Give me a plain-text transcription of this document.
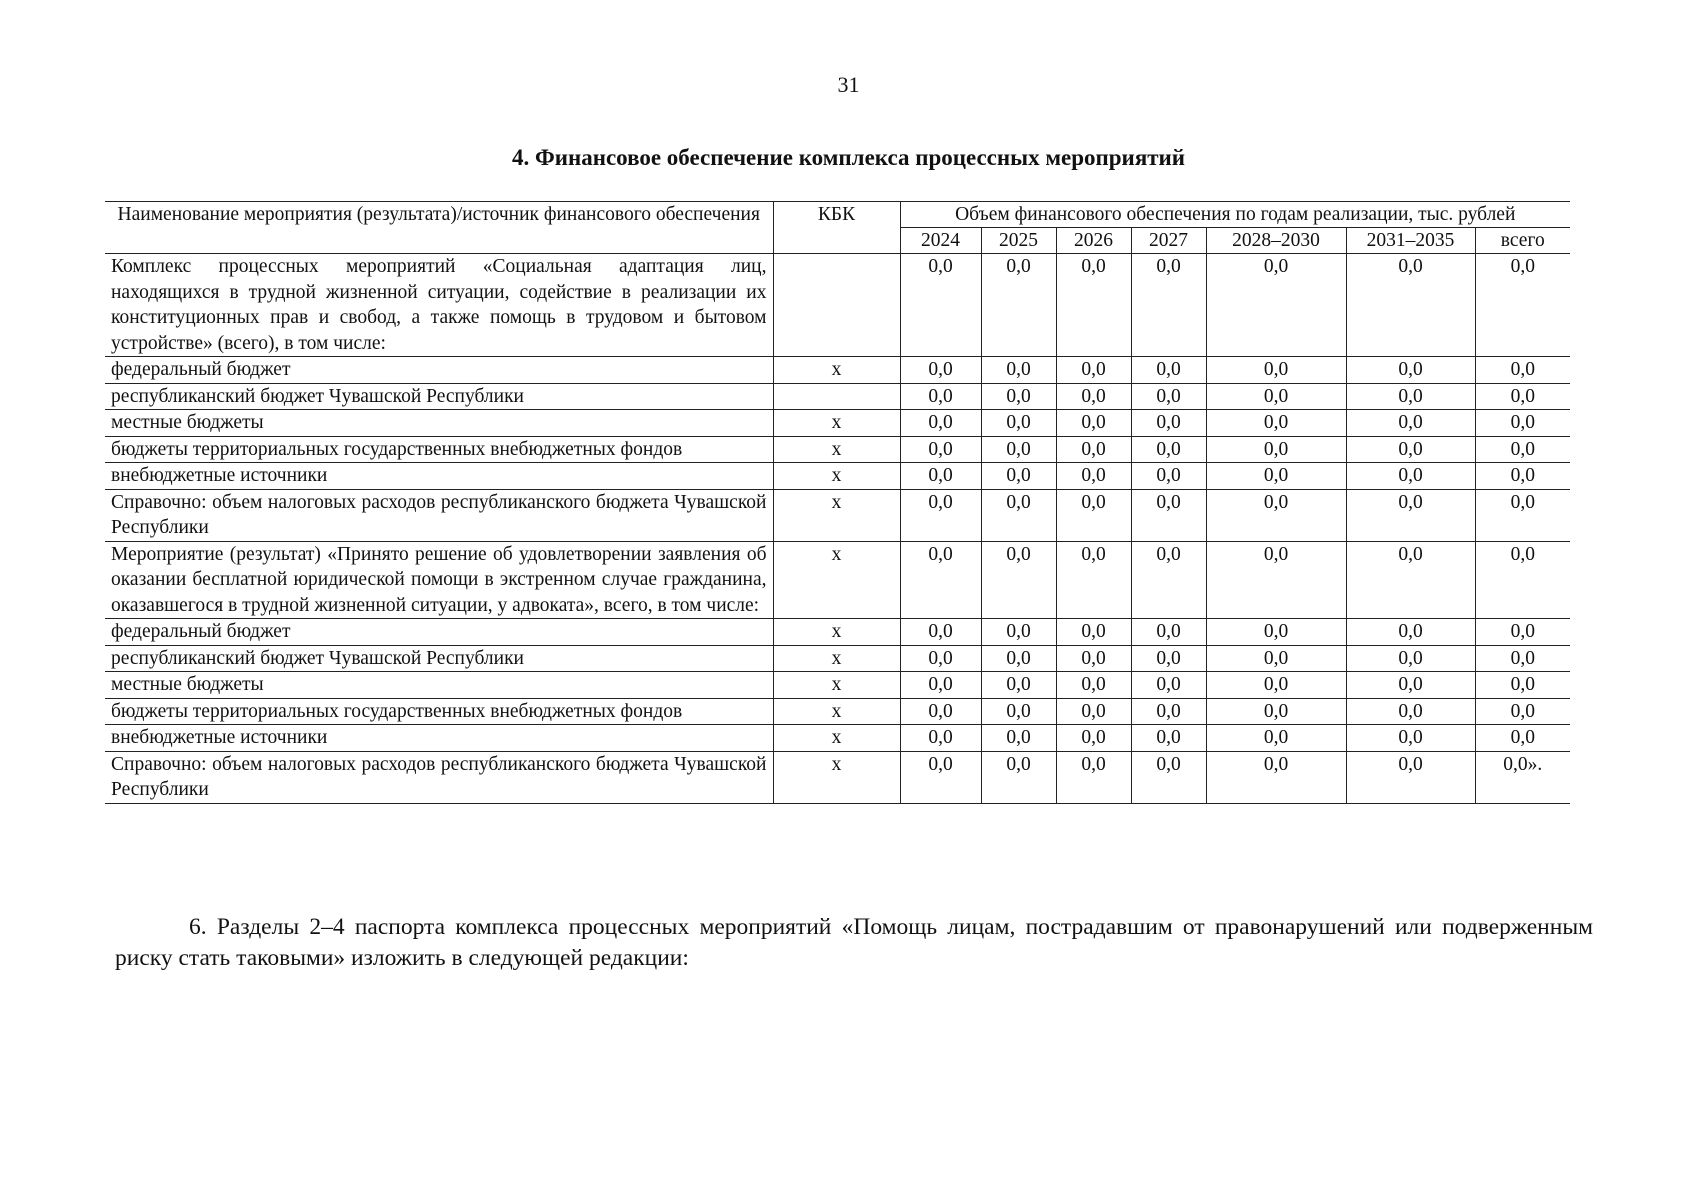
31
4. Финансовое обеспечение комплекса процессных мероприятий
Наименование мероприятия (результата)/источник финансового обеспечения	КБК	Объем финансового обеспечения по годам реализации, тыс. рублей						
		2024	2025	2026	2027	2028–2030	2031–2035	всего
Комплекс процессных мероприятий «Социальная адаптация лиц, находящихся в трудной жизненной ситуации, содействие в реализации их конституционных прав и свобод, а также помощь в трудовом и бытовом устройстве» (всего), в том числе:		0,0	0,0	0,0	0,0	0,0	0,0	0,0
федеральный бюджет	х	0,0	0,0	0,0	0,0	0,0	0,0	0,0
республиканский бюджет Чувашской Республики		0,0	0,0	0,0	0,0	0,0	0,0	0,0
местные бюджеты	х	0,0	0,0	0,0	0,0	0,0	0,0	0,0
бюджеты территориальных государственных внебюджетных фондов	х	0,0	0,0	0,0	0,0	0,0	0,0	0,0
внебюджетные источники	х	0,0	0,0	0,0	0,0	0,0	0,0	0,0
Справочно: объем налоговых расходов республиканского бюджета Чувашской Республики	х	0,0	0,0	0,0	0,0	0,0	0,0	0,0
Мероприятие (результат) «Принято решение об удовлетворении заявления об оказании бесплатной юридической помощи в экстренном случае гражданина, оказавшегося в трудной жизненной ситуации, у адвоката», всего, в том числе:	х	0,0	0,0	0,0	0,0	0,0	0,0	0,0
федеральный бюджет	х	0,0	0,0	0,0	0,0	0,0	0,0	0,0
республиканский бюджет Чувашской Республики	х	0,0	0,0	0,0	0,0	0,0	0,0	0,0
местные бюджеты	х	0,0	0,0	0,0	0,0	0,0	0,0	0,0
бюджеты территориальных государственных внебюджетных фондов	х	0,0	0,0	0,0	0,0	0,0	0,0	0,0
внебюджетные источники	х	0,0	0,0	0,0	0,0	0,0	0,0	0,0
Справочно: объем налоговых расходов республиканского бюджета Чувашской Республики	х	0,0	0,0	0,0	0,0	0,0	0,0	0,0».
6. Разделы 2–4 паспорта комплекса процессных мероприятий «Помощь лицам, пострадавшим от правонарушений или подверженным риску стать таковыми» изложить в следующей редакции:
